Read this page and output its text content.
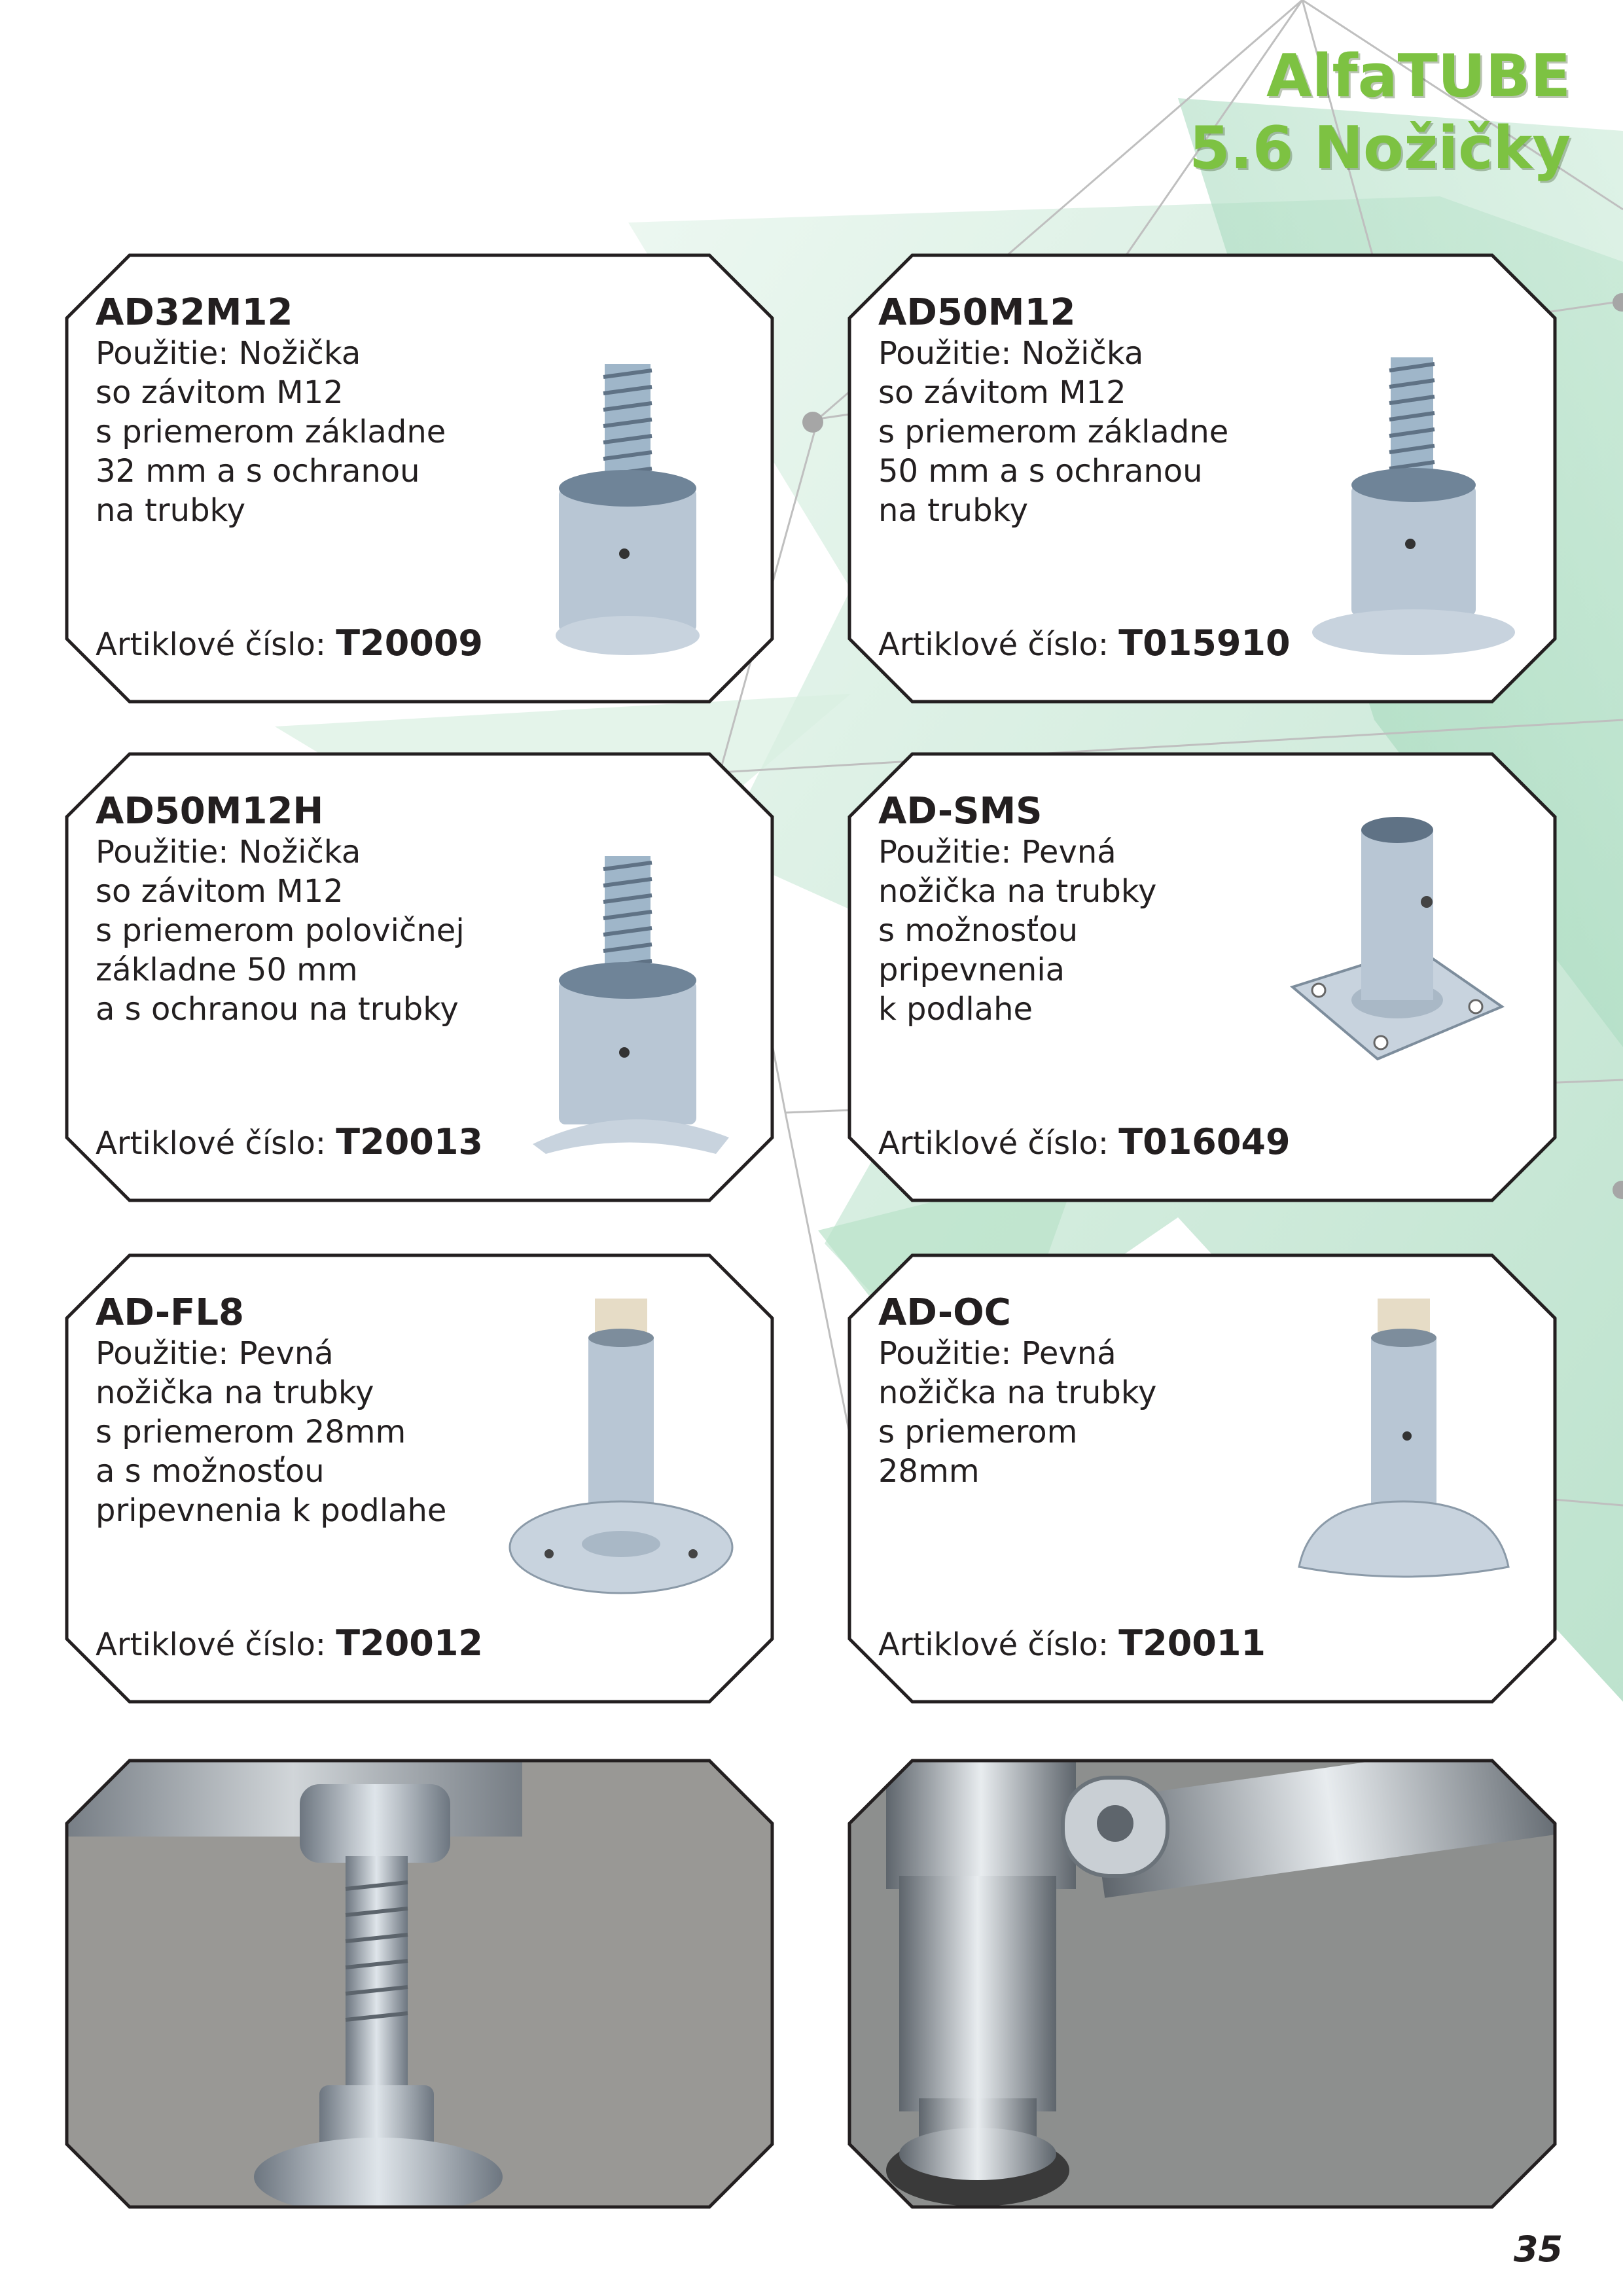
AlfaTUBE
5.6 Nožičky
AD32M12
Použitie: Nožička
so závitom M12
s priemerom základne
32 mm a s ochranou
na trubky
Artiklové číslo: T20009
AD50M12
Použitie: Nožička
so závitom M12
s priemerom základne
50 mm a s ochranou
na trubky
Artiklové číslo: T015910
AD50M12H
Použitie: Nožička
so závitom M12
s priemerom polovičnej
základne 50 mm
a s ochranou na trubky
Artiklové číslo: T20013
AD-SMS
Použitie: Pevná
nožička na trubky
s možnosťou
pripevnenia
k podlahe
Artiklové číslo: T016049
AD-FL8
Použitie: Pevná
nožička na trubky
s priemerom 28mm
a s možnosťou
pripevnenia k podlahe
Artiklové číslo: T20012
AD-OC
Použitie: Pevná
nožička na trubky
s priemerom
28mm
Artiklové číslo: T20011
35
